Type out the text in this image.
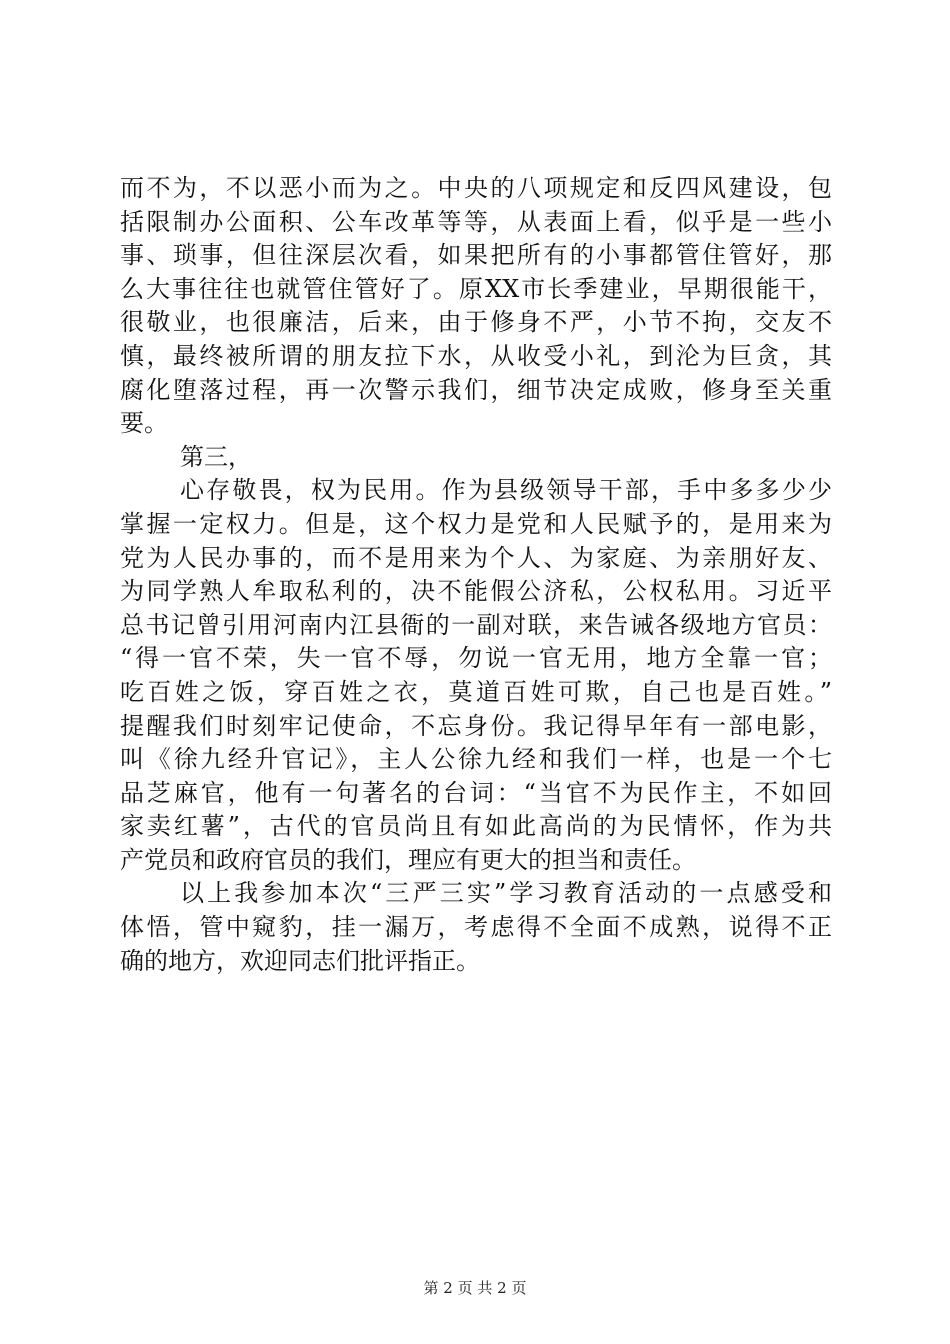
而不为，不以恶小而为之。中央的八项规定和反四风建设，包
括限制办公面积、公车改革等等，从表面上看，似乎是一些小
事、琐事，但往深层次看，如果把所有的小事都管住管好，那
么大事往往也就管住管好了。原XX市长季建业，早期很能干，
很敬业，也很廉洁，后来，由于修身不严，小节不拘，交友不
慎，最终被所谓的朋友拉下水，从收受小礼，到沦为巨贪，其
腐化堕落过程，再一次警示我们，细节决定成败，修身至关重
要。
第三，
心存敬畏，权为民用。作为县级领导干部，手中多多少少
掌握一定权力。但是，这个权力是党和人民赋予的，是用来为
党为人民办事的，而不是用来为个人、为家庭、为亲朋好友、
为同学熟人牟取私利的，决不能假公济私，公权私用。习近平
总书记曾引用河南内江县衙的一副对联，来告诫各级地方官员：
“得一官不荣，失一官不辱，勿说一官无用，地方全靠一官；
吃百姓之饭，穿百姓之衣，莫道百姓可欺，自己也是百姓。”
提醒我们时刻牢记使命，不忘身份。我记得早年有一部电影，
叫《徐九经升官记》，主人公徐九经和我们一样，也是一个七
品芝麻官，他有一句著名的台词：“当官不为民作主，不如回
家卖红薯”，古代的官员尚且有如此高尚的为民情怀，作为共
产党员和政府官员的我们，理应有更大的担当和责任。
以上我参加本次“三严三实”学习教育活动的一点感受和
体悟，管中窥豹，挂一漏万，考虑得不全面不成熟，说得不正
确的地方，欢迎同志们批评指正。
第 2 页 共 2 页
